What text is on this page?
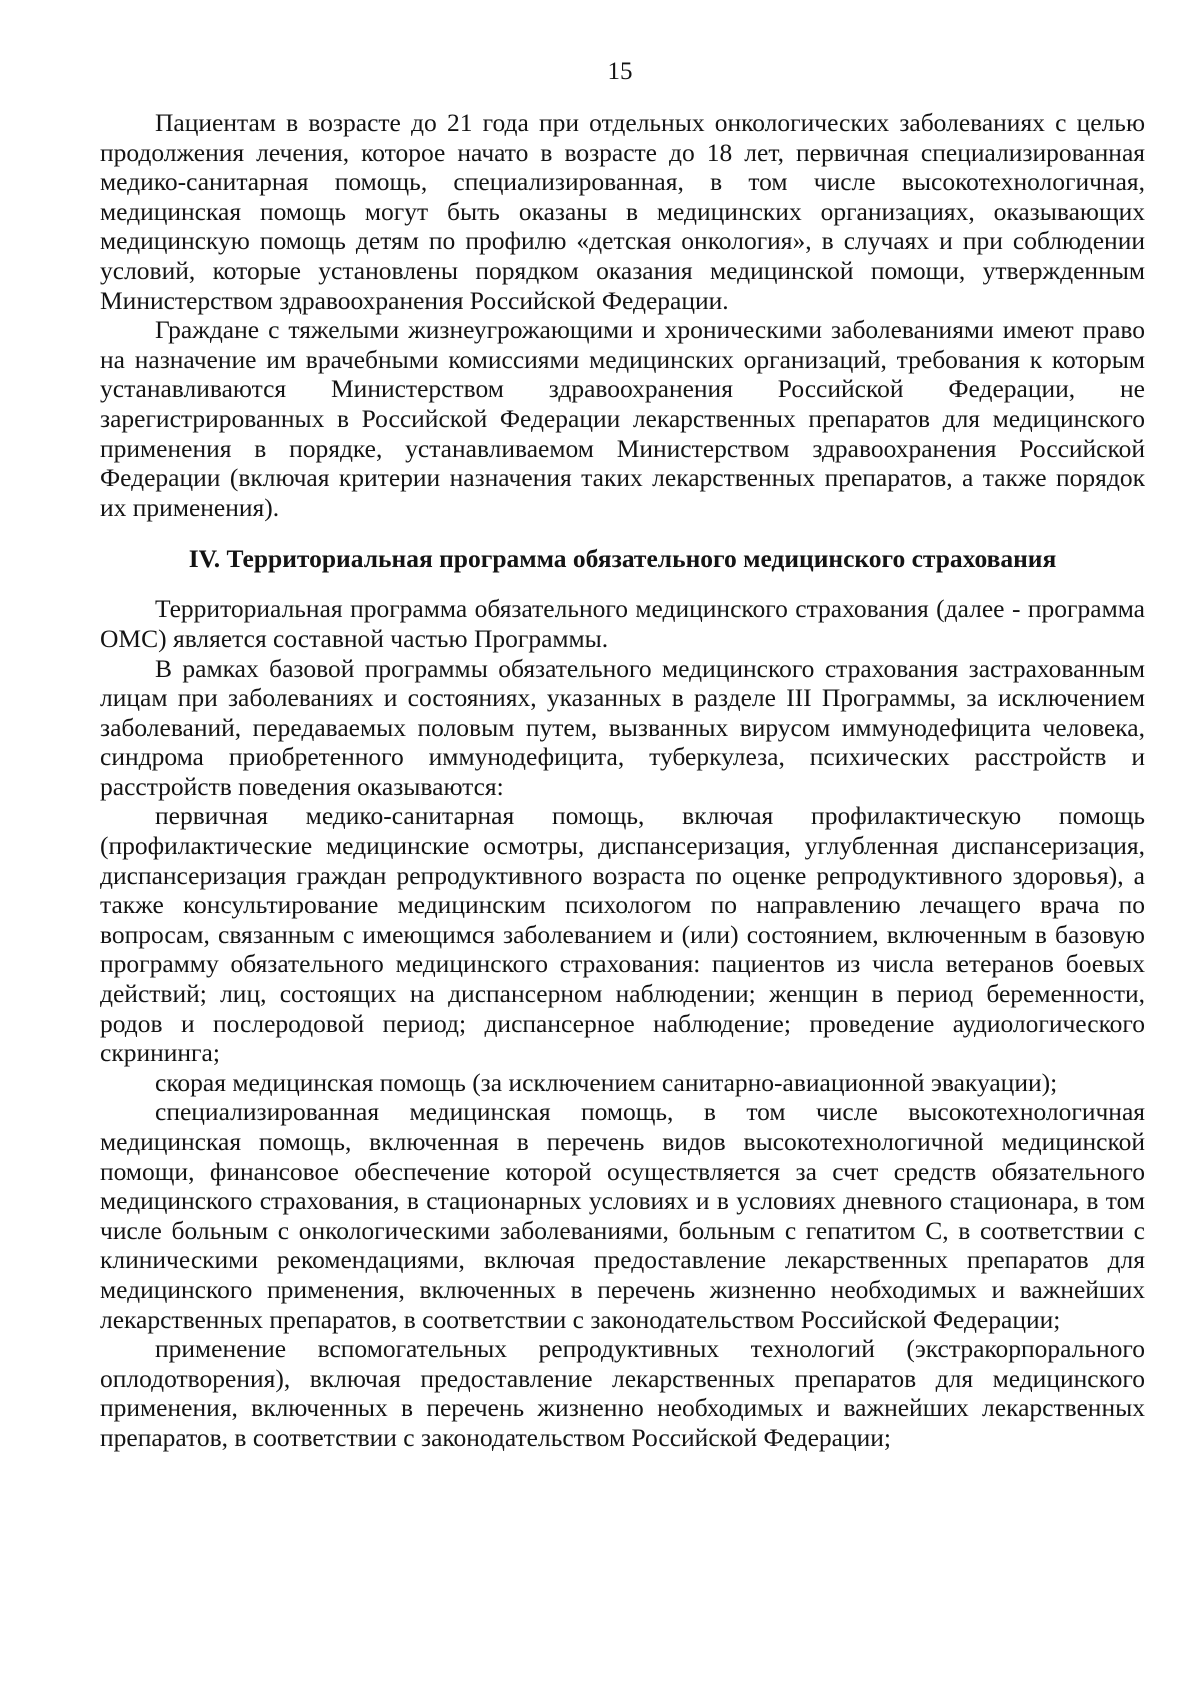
15

Пациентам в возрасте до 21 года при отдельных онкологических заболеваниях с целью продолжения лечения, которое начато в возрасте до 18 лет, первичная специализированная медико-санитарная помощь, специализированная, в том числе высокотехнологичная, медицинская помощь могут быть оказаны в медицинских организациях, оказывающих медицинскую помощь детям по профилю «детская онкология», в случаях и при соблюдении условий, которые установлены порядком оказания медицинской помощи, утвержденным Министерством здравоохранения Российской Федерации.

Граждане с тяжелыми жизнеугрожающими и хроническими заболеваниями имеют право на назначение им врачебными комиссиями медицинских организаций, требования к которым устанавливаются Министерством здравоохранения Российской Федерации, не зарегистрированных в Российской Федерации лекарственных препаратов для медицинского применения в порядке, устанавливаемом Министерством здравоохранения Российской Федерации (включая критерии назначения таких лекарственных препаратов, а также порядок их применения).

IV. Территориальная программа обязательного медицинского страхования

Территориальная программа обязательного медицинского страхования (далее - программа ОМС) является составной частью Программы.

В рамках базовой программы обязательного медицинского страхования застрахованным лицам при заболеваниях и состояниях, указанных в разделе III Программы, за исключением заболеваний, передаваемых половым путем, вызванных вирусом иммунодефицита человека, синдрома приобретенного иммунодефицита, туберкулеза, психических расстройств и расстройств поведения оказываются:

первичная медико-санитарная помощь, включая профилактическую помощь (профилактические медицинские осмотры, диспансеризация, углубленная диспансеризация, диспансеризация граждан репродуктивного возраста по оценке репродуктивного здоровья), а также консультирование медицинским психологом по направлению лечащего врача по вопросам, связанным с имеющимся заболеванием и (или) состоянием, включенным в базовую программу обязательного медицинского страхования: пациентов из числа ветеранов боевых действий; лиц, состоящих на диспансерном наблюдении; женщин в период беременности, родов и послеродовой период; диспансерное наблюдение; проведение аудиологического скрининга;

скорая медицинская помощь (за исключением санитарно-авиационной эвакуации);

специализированная медицинская помощь, в том числе высокотехнологичная медицинская помощь, включенная в перечень видов высокотехнологичной медицинской помощи, финансовое обеспечение которой осуществляется за счет средств обязательного медицинского страхования, в стационарных условиях и в условиях дневного стационара, в том числе больным с онкологическими заболеваниями, больным с гепатитом С, в соответствии с клиническими рекомендациями, включая предоставление лекарственных препаратов для медицинского применения, включенных в перечень жизненно необходимых и важнейших лекарственных препаратов, в соответствии с законодательством Российской Федерации;

применение вспомогательных репродуктивных технологий (экстракорпорального оплодотворения), включая предоставление лекарственных препаратов для медицинского применения, включенных в перечень жизненно необходимых и важнейших лекарственных препаратов, в соответствии с законодательством Российской Федерации;
